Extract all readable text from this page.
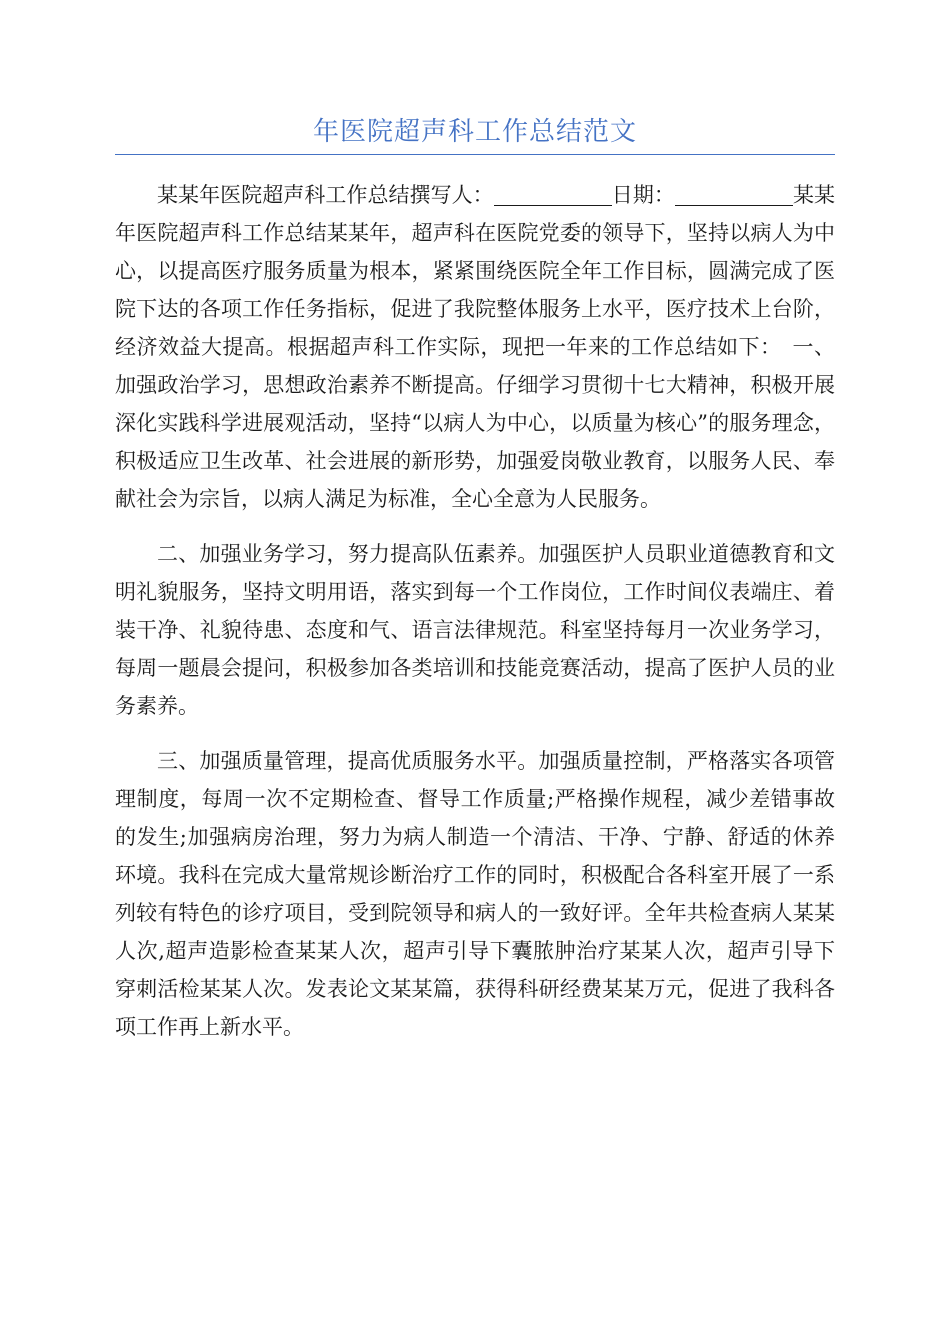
年医院超声科工作总结范文

某某年医院超声科工作总结撰写人：	日期：	某某年医院超声科工作总结某某年，超声科在医院党委的领导下，坚持以病人为中心，以提高医疗服务质量为根本，紧紧围绕医院全年工作目标，圆满完成了医院下达的各项工作任务指标，促进了我院整体服务上水平，医疗技术上台阶，经济效益大提高。根据超声科工作实际，现把一年来的工作总结如下：　一、加强政治学习，思想政治素养不断提高。仔细学习贯彻十七大精神，积极开展深化实践科学进展观活动，坚持“以病人为中心，以质量为核心”的服务理念，积极适应卫生改革、社会进展的新形势，加强爱岗敬业教育，以服务人民、奉献社会为宗旨，以病人满足为标准，全心全意为人民服务。

二、加强业务学习，努力提高队伍素养。加强医护人员职业道德教育和文明礼貌服务，坚持文明用语，落实到每一个工作岗位，工作时间仪表端庄、着装干净、礼貌待患、态度和气、语言法律规范。科室坚持每月一次业务学习，每周一题晨会提问，积极参加各类培训和技能竞赛活动，提高了医护人员的业务素养。

三、加强质量管理，提高优质服务水平。加强质量控制，严格落实各项管理制度，每周一次不定期检查、督导工作质量;严格操作规程，减少差错事故的发生;加强病房治理，努力为病人制造一个清洁、干净、宁静、舒适的休养环境。我科在完成大量常规诊断治疗工作的同时，积极配合各科室开展了一系列较有特色的诊疗项目，受到院领导和病人的一致好评。全年共检查病人某某人次,超声造影检查某某人次，超声引导下囊脓肿治疗某某人次，超声引导下穿刺活检某某人次。发表论文某某篇，获得科研经费某某万元，促进了我科各项工作再上新水平。
